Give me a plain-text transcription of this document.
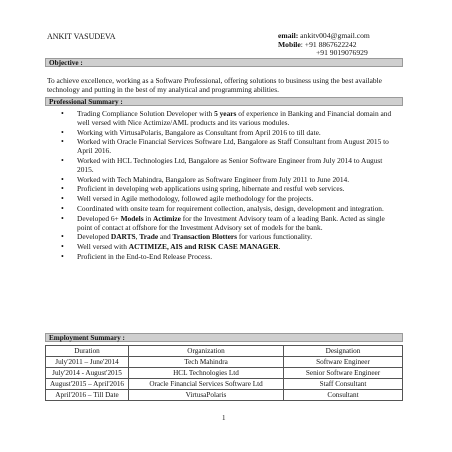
ANKIT VASUDEVA	email: ankitv004@gmail.com
Mobile: +91 8867622242
+91 9019076929
Objective :
To achieve excellence, working as a Software Professional, offering solutions to business using the best available technology and putting in the best of my analytical and programming abilities.
Professional Summary :
• Trading Compliance Solution Developer with 5 years of experience in Banking and Financial domain and well versed with Nice Actimize/AML products and its various modules.
• Working with VirtusaPolaris, Bangalore as Consultant from April 2016 to till date.
• Worked with Oracle Financial Services Software Ltd, Bangalore as Staff Consultant from August 2015 to April 2016.
• Worked with HCL Technologies Ltd, Bangalore as Senior Software Engineer from July 2014 to August 2015.
• Worked with Tech Mahindra, Bangalore as Software Engineer from July 2011 to June 2014.
• Proficient in developing web applications using spring, hibernate and restful web services.
• Well versed in Agile methodology, followed agile methodology for the projects.
• Coordinated with onsite team for requirement collection, analysis, design, development and integration.
• Developed 6+ Models in Actimize for the Investment Advisory team of a leading Bank. Acted as single point of contact at offshore for the Investment Advisory set of models for the bank.
• Developed DARTS, Trade and Transaction Blotters for various functionality.
• Well versed with ACTIMIZE, AIS and RISK CASE MANAGER.
• Proficient in the End-to-End Release Process.
Employment Summary :
Duration	Organization	Designation
July'2011 – June'2014	Tech Mahindra	Software Engineer
July'2014 - August'2015	HCL Technologies Ltd	Senior Software Engineer
August'2015 – April'2016	Oracle Financial Services Software Ltd	Staff Consultant
April'2016 – Till Date	VirtusaPolaris	Consultant
1
